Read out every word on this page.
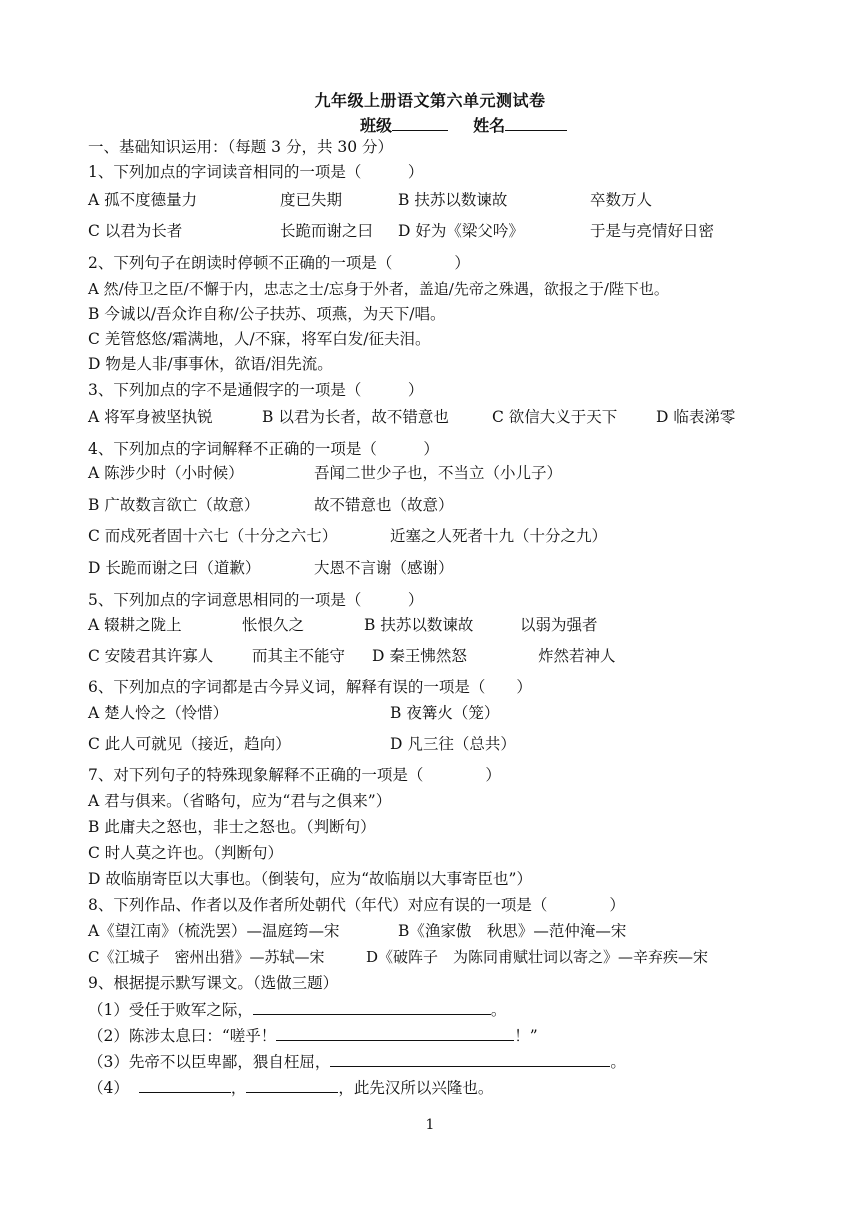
九年级上册语文第六单元测试卷
班级	姓名
一、基础知识运用：（每题 3 分，共 30 分）
1、下列加点的字词读音相同的一项是（　　　）
A 孤不度德量力	度已失期	B 扶苏以数谏故	卒数万人
C 以君为长者	长跪而谢之曰 D 好为《梁父吟》	于是与亮情好日密
2、下列句子在朗读时停顿不正确的一项是（　　　　）
A 然/侍卫之臣/不懈于内，忠志之士/忘身于外者，盖追/先帝之殊遇，欲报之于/陛下也。
B 今诚以/吾众诈自称/公子扶苏、项燕，为天下/唱。
C 羌管悠悠/霜满地，人/不寐，将军白发/征夫泪。
D 物是人非/事事休，欲语/泪先流。
3、下列加点的字不是通假字的一项是（　　　）
A 将军身被坚执锐	B 以君为长者，故不错意也	C 欲信大义于天下 D 临表涕零
4、下列加点的字词解释不正确的一项是（　　　）
A 陈涉少时（小时候）	吾闻二世少子也，不当立（小儿子）
B 广故数言欲亡（故意）	故不错意也（故意）
C 而戍死者固十六七（十分之六七）	近塞之人死者十九（十分之九）
D 长跪而谢之曰（道歉）	大恩不言谢（感谢）
5、下列加点的字词意思相同的一项是（　　　）
A 辍耕之陇上	怅恨久之	B 扶苏以数谏故	以弱为强者
C 安陵君其许寡人 而其主不能守 D 秦王怫然怒	炸然若神人
6、下列加点的字词都是古今异义词，解释有误的一项是（　　）
A 楚人怜之（怜惜）	B 夜篝火（笼）
C 此人可就见（接近，趋向）	D 凡三往（总共）
7、对下列句子的特殊现象解释不正确的一项是（　　　　）
A 君与俱来。（省略句，应为“君与之俱来”）
B 此庸夫之怒也，非士之怒也。（判断句）
C 时人莫之许也。（判断句）
D 故临崩寄臣以大事也。（倒装句，应为“故临崩以大事寄臣也”）
8、下列作品、作者以及作者所处朝代（年代）对应有误的一项是（　　　　）
A《望江南》（梳洗罢）—温庭筠—宋	B《渔家傲　秋思》—范仲淹—宋
C《江城子　密州出猎》—苏轼—宋	D《破阵子　为陈同甫赋壮词以寄之》—辛弃疾—宋
9、根据提示默写课文。（选做三题）
（1）受任于败军之际，	。
（2）陈涉太息曰：“嗟乎！	！”
（3）先帝不以臣卑鄙，猥自枉屈，	。
（4）	，	，此先汉所以兴隆也。
1
